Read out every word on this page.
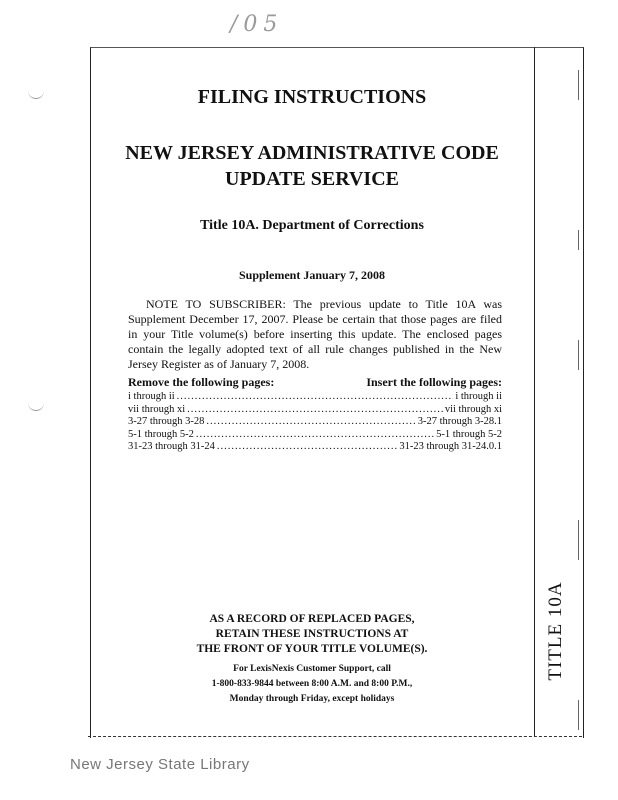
/05
TITLE 10A
FILING INSTRUCTIONS
NEW JERSEY ADMINISTRATIVE CODE
UPDATE SERVICE
Title 10A. Department of Corrections
Supplement January 7, 2008
NOTE TO SUBSCRIBER: The previous update to Title 10A was
Supplement December 17, 2007. Please be certain that those pages are filed
in your Title volume(s) before inserting this update. The enclosed pages
contain the legally adopted text of all rule changes published in the New
Jersey Register as of January 7, 2008.
Remove the following pages:	Insert the following pages:
i through ii .....	i through ii
vii through xi .....	vii through xi
3-27 through 3-28 .....	3-27 through 3-28.1
5-1 through 5-2 .....	5-1 through 5-2
31-23 through 31-24 .....	31-23 through 31-24.0.1
AS A RECORD OF REPLACED PAGES,
RETAIN THESE INSTRUCTIONS AT
THE FRONT OF YOUR TITLE VOLUME(S).
For LexisNexis Customer Support, call
1-800-833-9844 between 8:00 A.M. and 8:00 P.M.,
Monday through Friday, except holidays
New Jersey State Library
